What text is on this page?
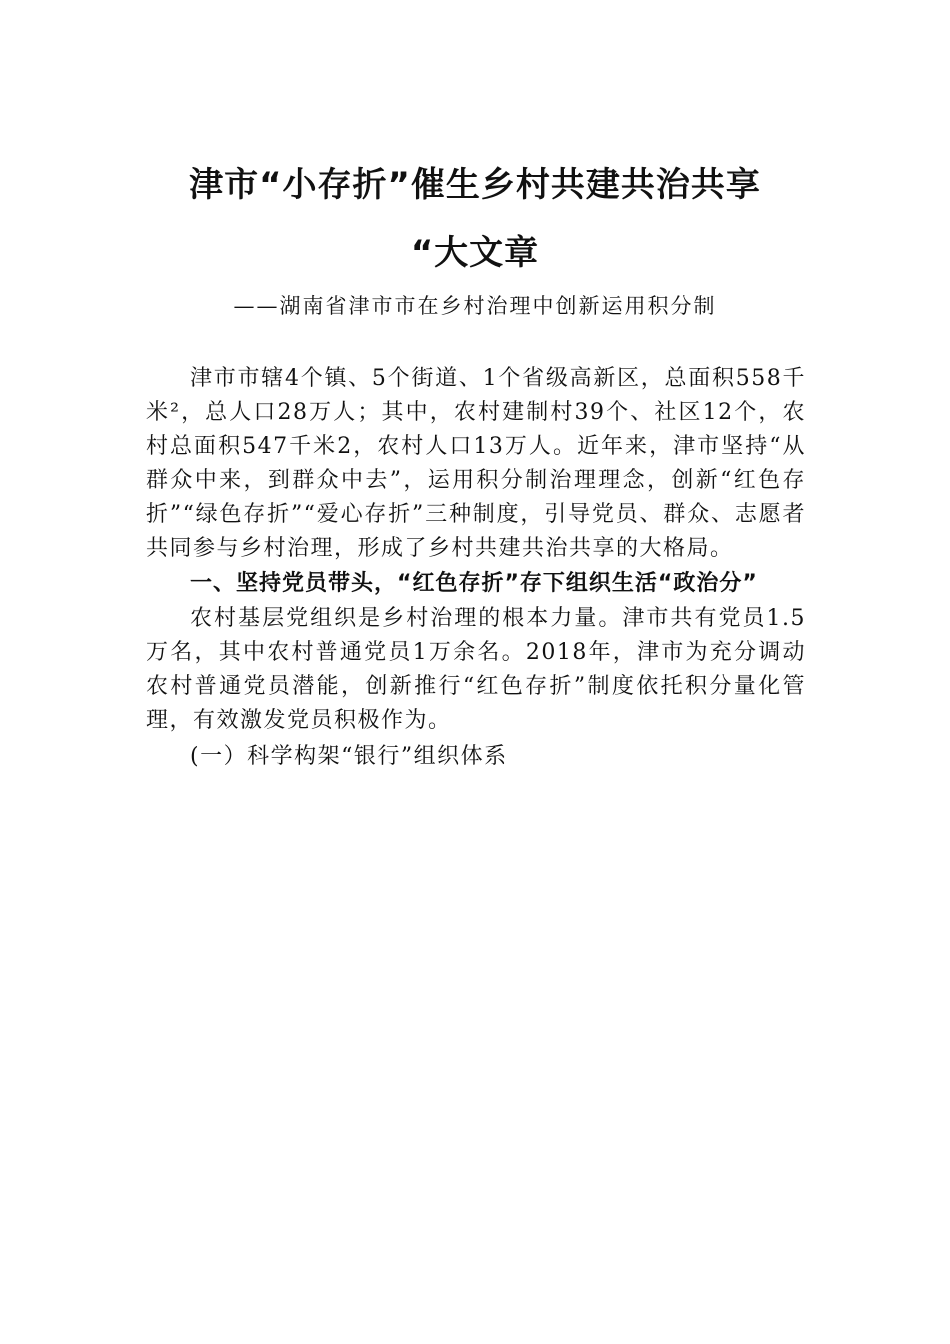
津市“小存折”催生乡村共建共治共享
“大文章

——湖南省津市市在乡村治理中创新运用积分制

津市市辖4个镇、5个街道、1个省级高新区，总面积558千米²，总人口28万人；其中，农村建制村39个、社区12个，农村总面积547千米2，农村人口13万人。近年来，津市坚持“从群众中来，到群众中去”，运用积分制治理理念，创新“红色存折”“绿色存折”“爱心存折”三种制度，引导党员、群众、志愿者共同参与乡村治理，形成了乡村共建共治共享的大格局。

一、坚持党员带头，“红色存折”存下组织生活“政治分”

农村基层党组织是乡村治理的根本力量。津市共有党员1.5万名，其中农村普通党员1万余名。2018年，津市为充分调动农村普通党员潜能，创新推行“红色存折”制度依托积分量化管理，有效激发党员积极作为。

(一）科学构架“银行”组织体系
